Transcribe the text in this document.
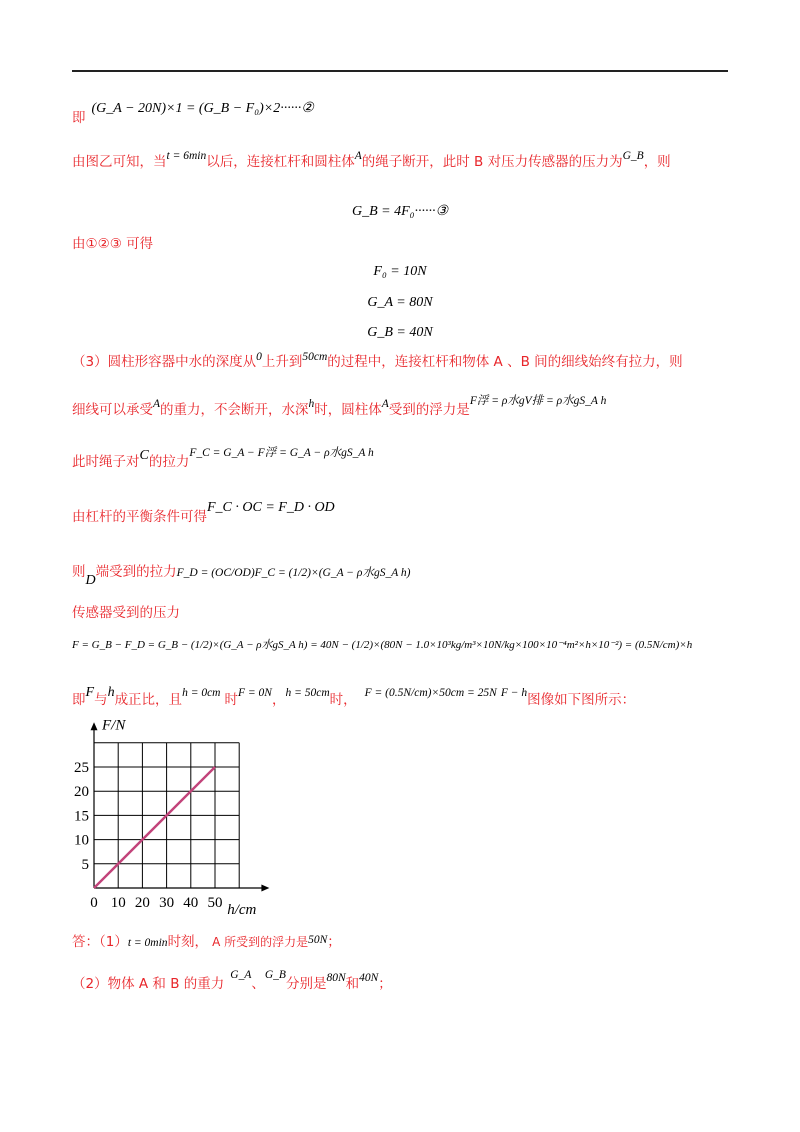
$_即$(G_A − 20N)×1 = (G_B − F₀)×2······②
由图乙可知，当$^{t = 6min}$以后，连接杠杆和圆柱体$^A$的绳子断开，此时 B 对压力传感器的压力为$^{G\_B}$，则
G_B = 4F₀······③
由①②③ 可得
F₀ = 10N
G_A = 80N
G_B = 40N
（3）圆柱形容器中水的深度从$^0$上升到$^{50cm}$的过程中，连接杠杆和物体 A 、B 间的细线始终有拉力，则
细线可以承受$^A$的重力，不会断开，水深$^h$时，圆柱体$^A$受到的浮力是$^{F浮 = \rho 水gV排 = \rho 水gS\_A h}$
此时绳子对C的拉力$^{F\_C = G\_A - F浮 = G\_A - \rho 水gS\_A h}$
由杠杆的平衡条件可得F_C · OC = F_D · OD
则D端受到的拉力F_D = (OC/OD)F_C = (1/2)×(G_A − ρ水gS_A h)
传感器受到的压力
F = G_B − F_D = G_B − (1/2)×(G_A − ρ水gS_A h) = 40N − (1/2)×(80N − 1.0×10³kg/m³×10N/kg×100×10⁻⁴m²×h×10⁻²) = (0.5N/cm)×h
即F与h成正比，且$^{h = 0cm}$ 时$^{F = 0N}$，$^{h = 50cm}$时， $^{F = (0.5N/cm)\times 50cm = 25N}$ $^{F - h}$图像如下图所示：
0 10 20 30 40 50
5
10
15
20
25
F/N
h/cm
答：（1）t = 0min时刻， A 所受到的浮力是50N；
（2）物体 A 和 B 的重力$^{G\_A}$、$^{G\_B}$分别是$^{80N}$和$^{40N}$；
